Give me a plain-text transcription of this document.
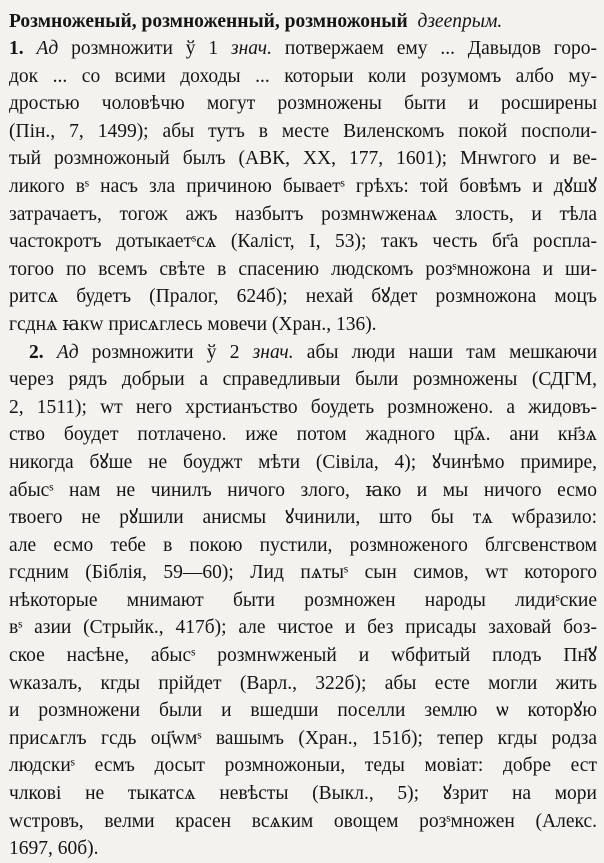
Розмноженый, розмноженный, розмножоный дзеепрым.
1. Ад розмножити ў 1 знач. потвержаем ему ... Давыдов горо-
док ... со всими доходы ... которыи коли розумомъ албо му-
дростью чоловѣчю могут розмножены быти и росширены
(Пін., 7, 1499); абы тутъ в месте Виленскомъ покой посполи-
тый розмножоный былъ (АВК, XX, 177, 1601); Мнwгого и ве-
ликого вˢ насъ зла причиною бываетˢ грѣхъ: той бовѣмъ и дꙋшꙋ
затрачаетъ, тогож ажъ назбытъ розмнwженаѧ злость, и тѣла
частокротъ дотыкаетˢсѧ (Каліст, І, 53); такъ честь бг҃а роспла-
тогоо по всемъ свѣте в спасению людскомъ розˢмножона и ши-
ритсѧ будетъ (Пралог, 624б); нехай бꙋдет розмножона моцъ
гсднѧ ꙗкw присѧглесь мовечи (Хран., 136).
2. Ад розмножити ў 2 знач. абы люди наши там мешкаючи
через рядъ добрыи а справедливыи были розмножены (СДГМ,
2, 1511); wт него хрстианъство боудеть розмножено. а жидовъ-
ство боудет потлачено. иже потом жадного цр҃ѧ. ани кн҃зѧ
никогда бꙋше не боуджт мѣти (Сівіла, 4); ꙋчинѣмо примире,
абысˢ нам не чинилъ ничого злого, ꙗко и мы ничого есмо
твоего не рꙋшили анисмы ꙋчинили, што бы тѧ wбразило:
але есмо тебе в покою пустили, розмноженого блгсвенством
гсдним (Біблія, 59—60); Лид пѧтыˢ сын симов, wт которого
нѣкоторые мнимают быти розмножен народы лидиˢские
вˢ азии (Стрыйк., 417б); але чистое и без присады заховай боз-
ское насѣне, абысˢ розмнwженый и wбфитый плодъ Пн҃ꙋ
wказалъ, кгды прійдет (Варл., 322б); абы есте могли жить
и розмножени были и вшедши поселли землю ѡ которꙋю
присѧглъ гсдь оц҃wмˢ вашымъ (Хран., 151б); тепер кгды родза
людскиˢ есмъ досыт розмножоныи, теды мовіат: добре ест
члковi не тыкатсѧ невѣсты (Выкл., 5); ꙋзрит на мори
wстровъ, велми красен всѧким овощем розˢмножен (Алекс.
1697, 60б).
